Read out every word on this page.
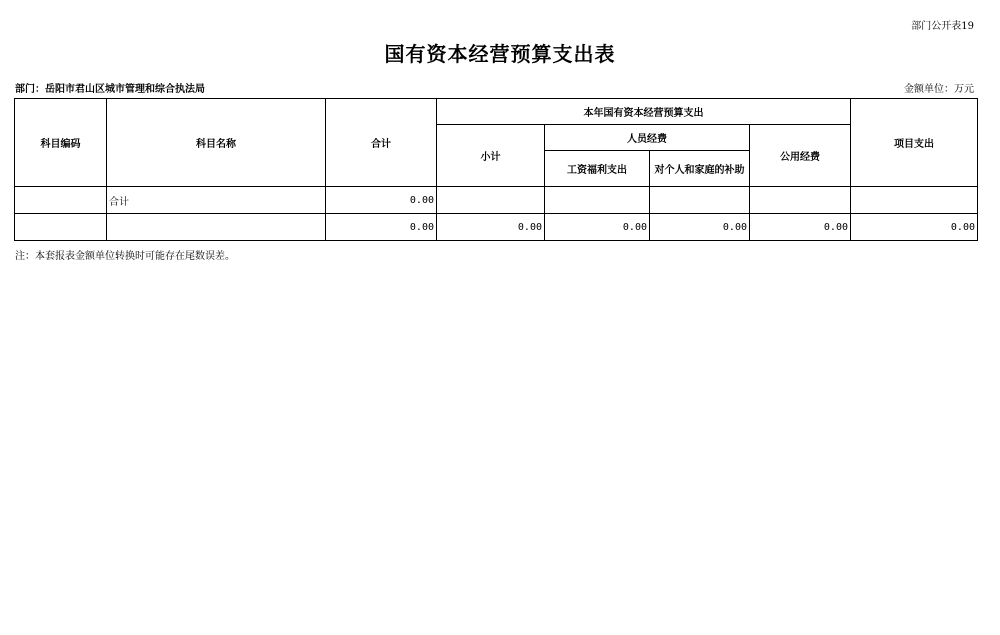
部门公开表19
国有资本经营预算支出表
部门：岳阳市君山区城市管理和综合执法局	金额单位：万元
科目编码	科目名称	合计	本年国有资本经营预算支出				项目支出
			小计	人员经费		公用经费	
				工资福利支出	对个人和家庭的补助		
	合计	0.00					
		0.00	0.00	0.00	0.00	0.00	0.00
注：本套报表金额单位转换时可能存在尾数误差。
